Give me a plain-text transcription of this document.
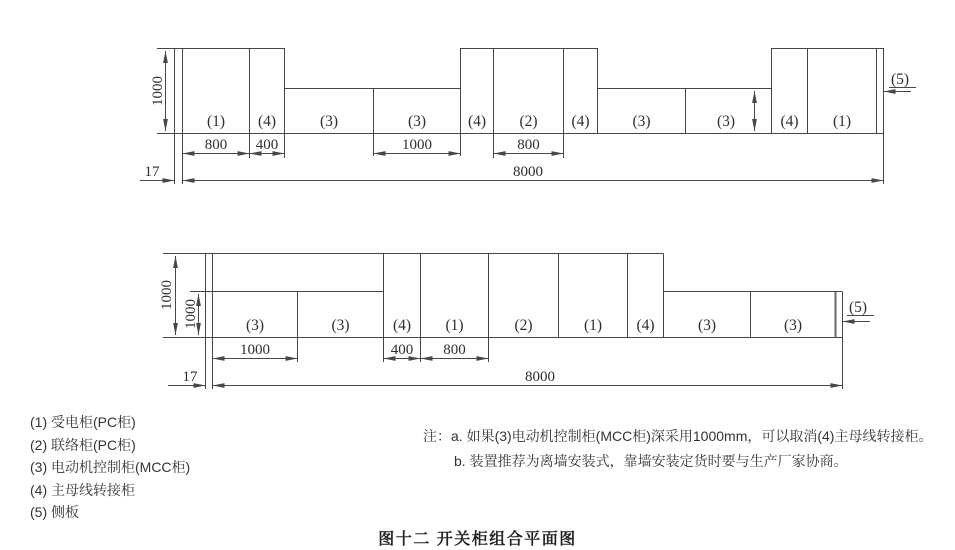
(1) (4)	(3)	(3)	(4) (2) (4)	(3)	(3)	(4) (1)
1000
800 400	1000	800
17	8000
(5)
(3)	(3)	(4) (1)	(2)	(1) (4)	(3)	(3)
1000
1000
1000	400 800
17	8000
(5)
(1) 受电柜(PC柜)
(2) 联络柜(PC柜)
(3) 电动机控制柜(MCC柜)
(4) 主母线转接柜
(5) 侧板
注：a. 如果(3)电动机控制柜(MCC柜)深采用1000mm，可以取消(4)主母线转接柜。
b. 装置推荐为离墙安装式，靠墙安装定货时要与生产厂家协商。
图十二 开关柜组合平面图
